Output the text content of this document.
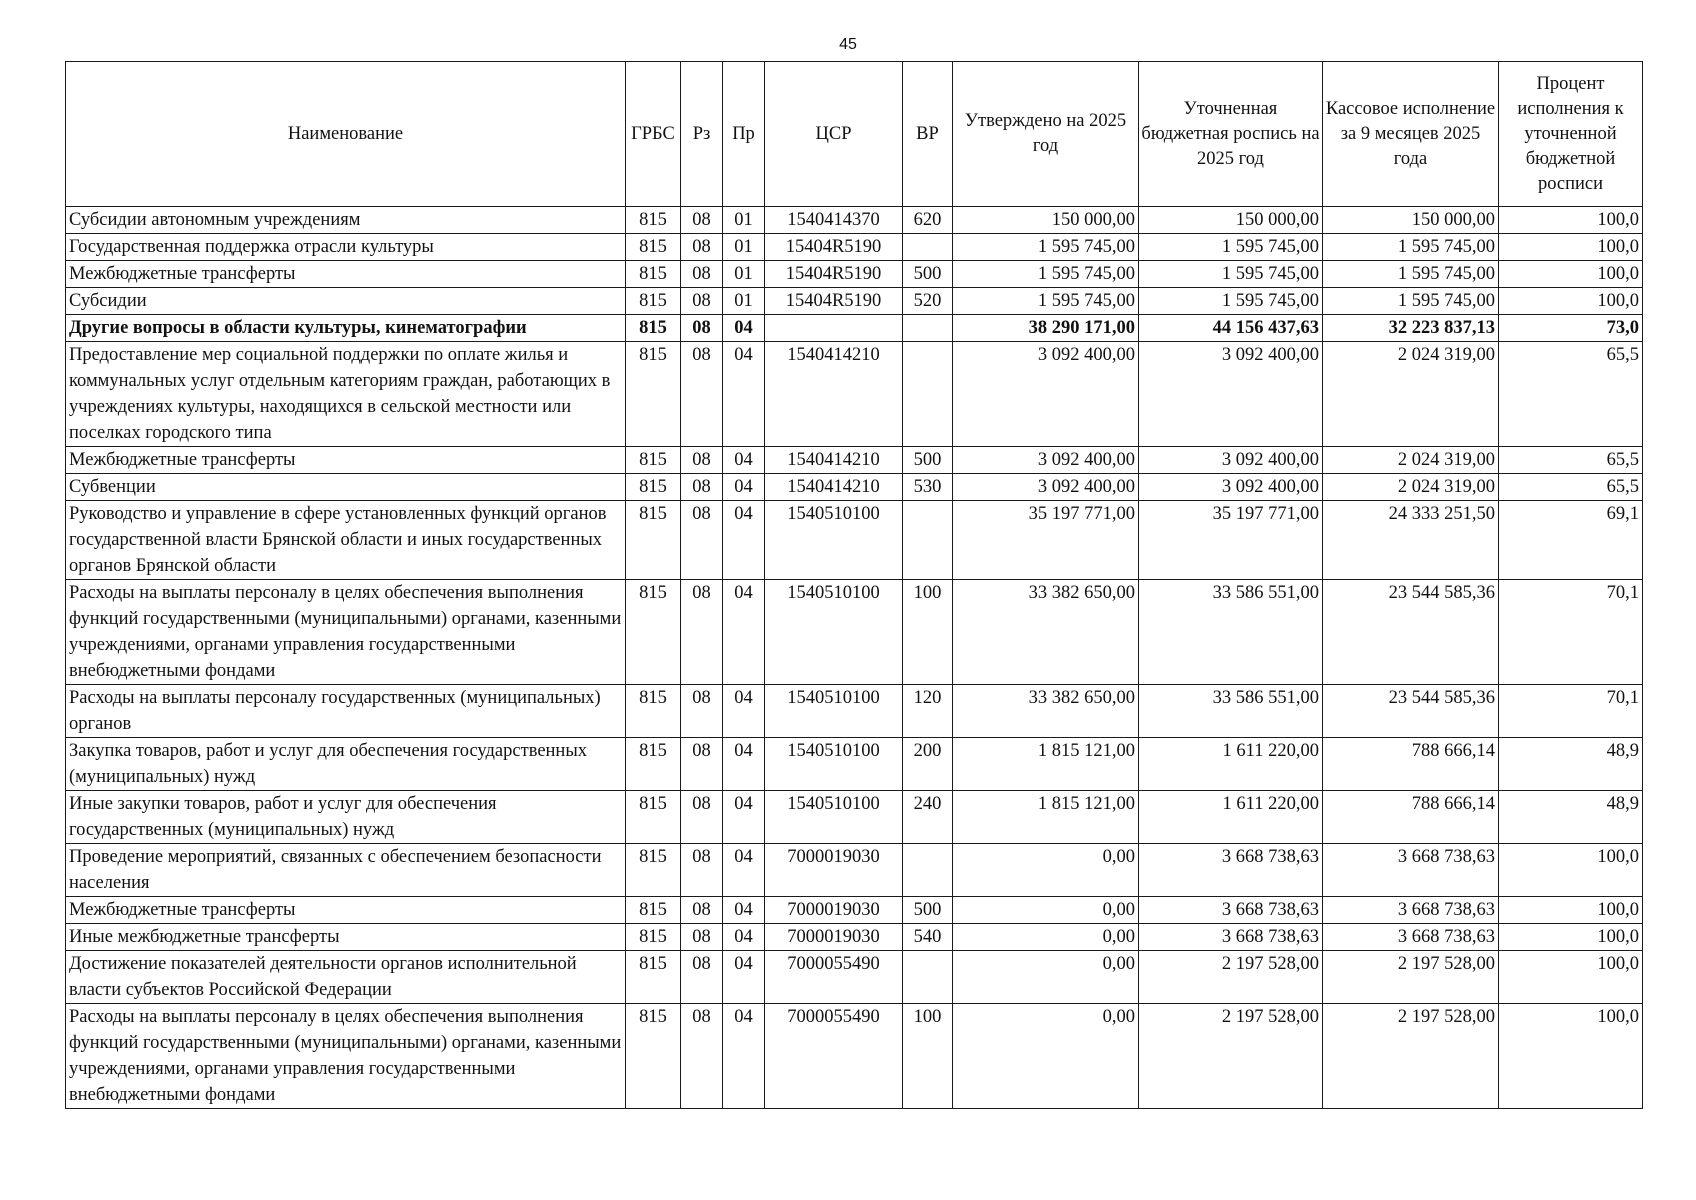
45
Наименование	ГРБС	Рз	Пр	ЦСР	ВР	Утверждено на 2025 год	Уточненная бюджетная роспись на 2025 год	Кассовое исполнение за 9 месяцев 2025 года	Процент исполнения к уточненной бюджетной росписи
Субсидии автономным учреждениям	815	08	01	1540414370	620	150 000,00	150 000,00	150 000,00	100,0
Государственная поддержка отрасли культуры	815	08	01	15404R5190		1 595 745,00	1 595 745,00	1 595 745,00	100,0
Межбюджетные трансферты	815	08	01	15404R5190	500	1 595 745,00	1 595 745,00	1 595 745,00	100,0
Субсидии	815	08	01	15404R5190	520	1 595 745,00	1 595 745,00	1 595 745,00	100,0
Другие вопросы в области культуры, кинематографии	815	08	04			38 290 171,00	44 156 437,63	32 223 837,13	73,0
Предоставление мер социальной поддержки по оплате жилья и коммунальных услуг отдельным категориям граждан, работающих в учреждениях культуры, находящихся в сельской местности или поселках городского типа	815	08	04	1540414210		3 092 400,00	3 092 400,00	2 024 319,00	65,5
Межбюджетные трансферты	815	08	04	1540414210	500	3 092 400,00	3 092 400,00	2 024 319,00	65,5
Субвенции	815	08	04	1540414210	530	3 092 400,00	3 092 400,00	2 024 319,00	65,5
Руководство и управление в сфере установленных функций органов государственной власти Брянской области и иных государственных органов Брянской области	815	08	04	1540510100		35 197 771,00	35 197 771,00	24 333 251,50	69,1
Расходы на выплаты персоналу в целях обеспечения выполнения функций государственными (муниципальными) органами, казенными учреждениями, органами управления государственными внебюджетными фондами	815	08	04	1540510100	100	33 382 650,00	33 586 551,00	23 544 585,36	70,1
Расходы на выплаты персоналу государственных (муниципальных) органов	815	08	04	1540510100	120	33 382 650,00	33 586 551,00	23 544 585,36	70,1
Закупка товаров, работ и услуг для обеспечения государственных (муниципальных) нужд	815	08	04	1540510100	200	1 815 121,00	1 611 220,00	788 666,14	48,9
Иные закупки товаров, работ и услуг для обеспечения государственных (муниципальных) нужд	815	08	04	1540510100	240	1 815 121,00	1 611 220,00	788 666,14	48,9
Проведение мероприятий, связанных с обеспечением безопасности населения	815	08	04	7000019030		0,00	3 668 738,63	3 668 738,63	100,0
Межбюджетные трансферты	815	08	04	7000019030	500	0,00	3 668 738,63	3 668 738,63	100,0
Иные межбюджетные трансферты	815	08	04	7000019030	540	0,00	3 668 738,63	3 668 738,63	100,0
Достижение показателей деятельности органов исполнительной власти субъектов Российской Федерации	815	08	04	7000055490		0,00	2 197 528,00	2 197 528,00	100,0
Расходы на выплаты персоналу в целях обеспечения выполнения функций государственными (муниципальными) органами, казенными учреждениями, органами управления государственными внебюджетными фондами	815	08	04	7000055490	100	0,00	2 197 528,00	2 197 528,00	100,0
